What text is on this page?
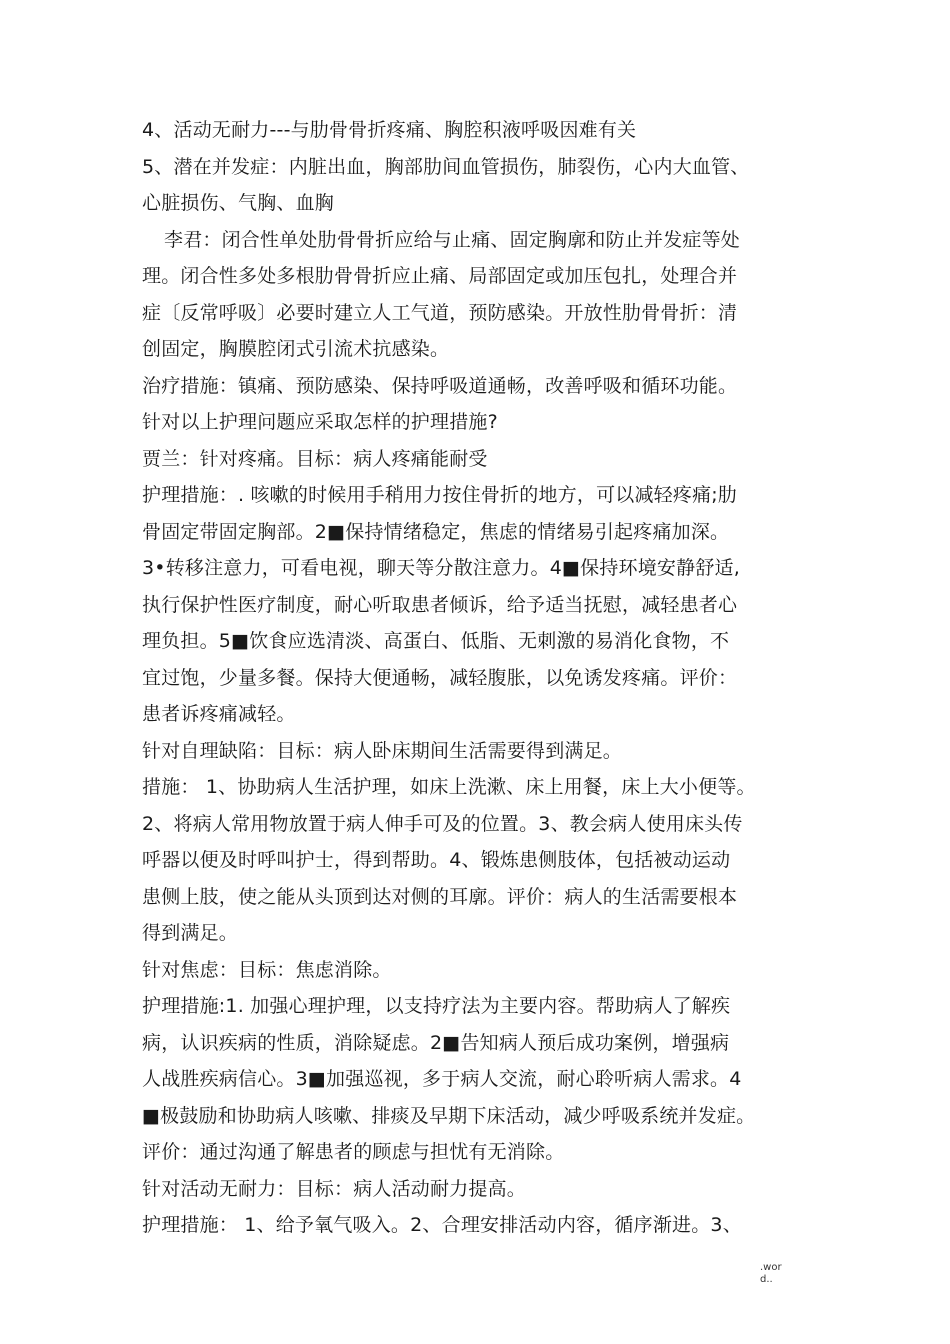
4、活动无耐力---与肋骨骨折疼痛、胸腔积液呼吸因难有关
5、潜在并发症：内脏出血，胸部肋间血管损伤，肺裂伤，心内大血管、
心脏损伤、气胸、血胸
李君：闭合性单处肋骨骨折应给与止痛、固定胸廓和防止并发症等处
理。闭合性多处多根肋骨骨折应止痛、局部固定或加压包扎，处理合并
症〔反常呼吸〕必要时建立人工气道，预防感染。开放性肋骨骨折：清
创固定，胸膜腔闭式引流术抗感染。
治疗措施：镇痛、预防感染、保持呼吸道通畅，改善呼吸和循环功能。
针对以上护理问题应采取怎样的护理措施?
贾兰：针对疼痛。目标：病人疼痛能耐受
护理措施：. 咳嗽的时候用手稍用力按住骨折的地方，可以减轻疼痛;肋
骨固定带固定胸部。2■保持情绪稳定，焦虑的情绪易引起疼痛加深。
3•转移注意力，可看电视，聊天等分散注意力。4■保持环境安静舒适,
执行保护性医疗制度，耐心听取患者倾诉，给予适当抚慰，减轻患者心
理负担。5■饮食应选清淡、高蛋白、低脂、无刺激的易消化食物，不
宜过饱，少量多餐。保持大便通畅，减轻腹胀，以免诱发疼痛。评价：
患者诉疼痛减轻。
针对自理缺陷：目标：病人卧床期间生活需要得到满足。
措施： 1、协助病人生活护理，如床上洗漱、床上用餐，床上大小便等。
2、将病人常用物放置于病人伸手可及的位置。3、教会病人使用床头传
呼器以便及时呼叫护士，得到帮助。4、锻炼患侧肢体，包括被动运动
患侧上肢，使之能从头顶到达对侧的耳廓。评价：病人的生活需要根本
得到满足。
针对焦虑：目标：焦虑消除。
护理措施:1. 加强心理护理，以支持疗法为主要内容。帮助病人了解疾
病，认识疾病的性质，消除疑虑。2■告知病人预后成功案例，增强病
人战胜疾病信心。3■加强巡视，多于病人交流，耐心聆听病人需求。4
■极鼓励和协助病人咳嗽、排痰及早期下床活动，减少呼吸系统并发症。
评价：通过沟通了解患者的顾虑与担忧有无消除。
针对活动无耐力：目标：病人活动耐力提高。
护理措施： 1、给予氧气吸入。2、合理安排活动内容，循序渐进。3、
.wor
d..
